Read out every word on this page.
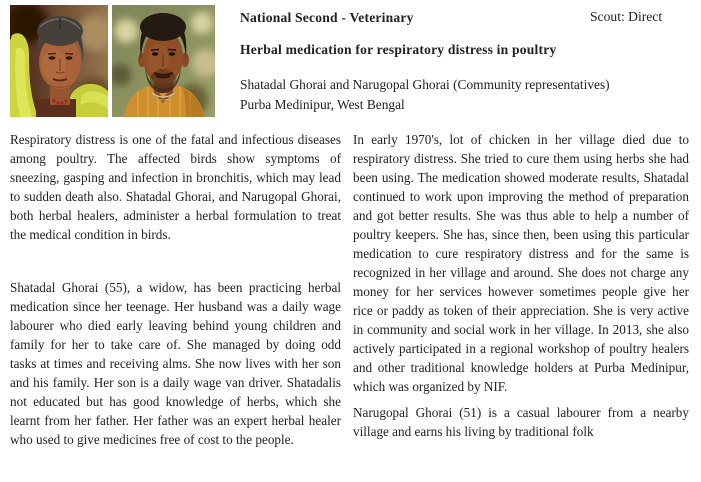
National Second - Veterinary	Scout: Direct
Herbal medication for respiratory distress in poultry
Shatadal Ghorai and Narugopal Ghorai (Community representatives)
Purba Medinipur, West Bengal

Respiratory distress is one of the fatal and infectious diseases among poultry. The affected birds show symptoms of sneezing, gasping and infection in bronchitis, which may lead to sudden death also. Shatadal Ghorai, and Narugopal Ghorai, both herbal healers, administer a herbal formulation to treat the medical condition in birds.

Shatadal Ghorai (55), a widow, has been practicing herbal medication since her teenage. Her husband was a daily wage labourer who died early leaving behind young children and family for her to take care of. She managed by doing odd tasks at times and receiving alms. She now lives with her son and his family. Her son is a daily wage van driver. Shatadalis not educated but has good knowledge of herbs, which she learnt from her father. Her father was an expert herbal healer who used to give medicines free of cost to the people.

In early 1970's, lot of chicken in her village died due to respiratory distress. She tried to cure them using herbs she had been using. The medication showed moderate results, Shatadal continued to work upon improving the method of preparation and got better results. She was thus able to help a number of poultry keepers. She has, since then, been using this particular medication to cure respiratory distress and for the same is recognized in her village and around. She does not charge any money for her services however sometimes people give her rice or paddy as token of their appreciation. She is very active in community and social work in her village. In 2013, she also actively participated in a regional workshop of poultry healers and other traditional knowledge holders at Purba Medinipur, which was organized by NIF.

Narugopal Ghorai (51) is a casual labourer from a nearby village and earns his living by traditional folk
